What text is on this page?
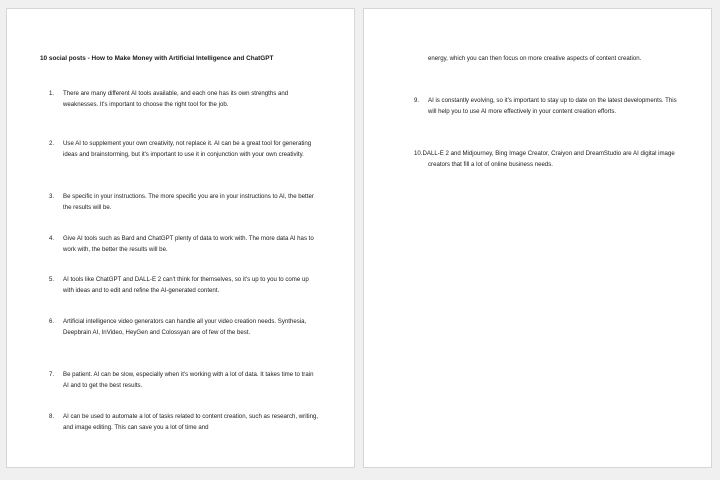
10 social posts - How to Make Money with Artificial Intelligence and ChatGPT
1.	There are many different AI tools available, and each one has its own strengths and weaknesses. It's important to choose the right tool for the job.
2.	Use AI to supplement your own creativity, not replace it. AI can be a great tool for generating ideas and brainstorming, but it's important to use it in conjunction with your own creativity.
3.	Be specific in your instructions. The more specific you are in your instructions to AI, the better the results will be.
4.	Give AI tools such as Bard and ChatGPT plenty of data to work with. The more data AI has to work with, the better the results will be.
5.	AI tools like ChatGPT and DALL-E 2 can't think for themselves, so it's up to you to come up with ideas and to edit and refine the AI-generated content.
6.	Artificial intelligence video generators can handle all your video creation needs. Synthesia, Deepbrain AI, InVideo, HeyGen and Colossyan are of few of the best.
7.	Be patient. AI can be slow, especially when it's working with a lot of data. It takes time to train AI and to get the best results.
8.	AI can be used to automate a lot of tasks related to content creation, such as research, writing, and image editing. This can save you a lot of time and
energy, which you can then focus on more creative aspects of content creation.
9.	AI is constantly evolving, so it's important to stay up to date on the latest developments. This will help you to use AI more effectively in your content creation efforts.
10.DALL-E 2 and Midjourney, Bing Image Creator, Craiyon and DreamStudio are AI digital image creators that fill a lot of online business needs.
